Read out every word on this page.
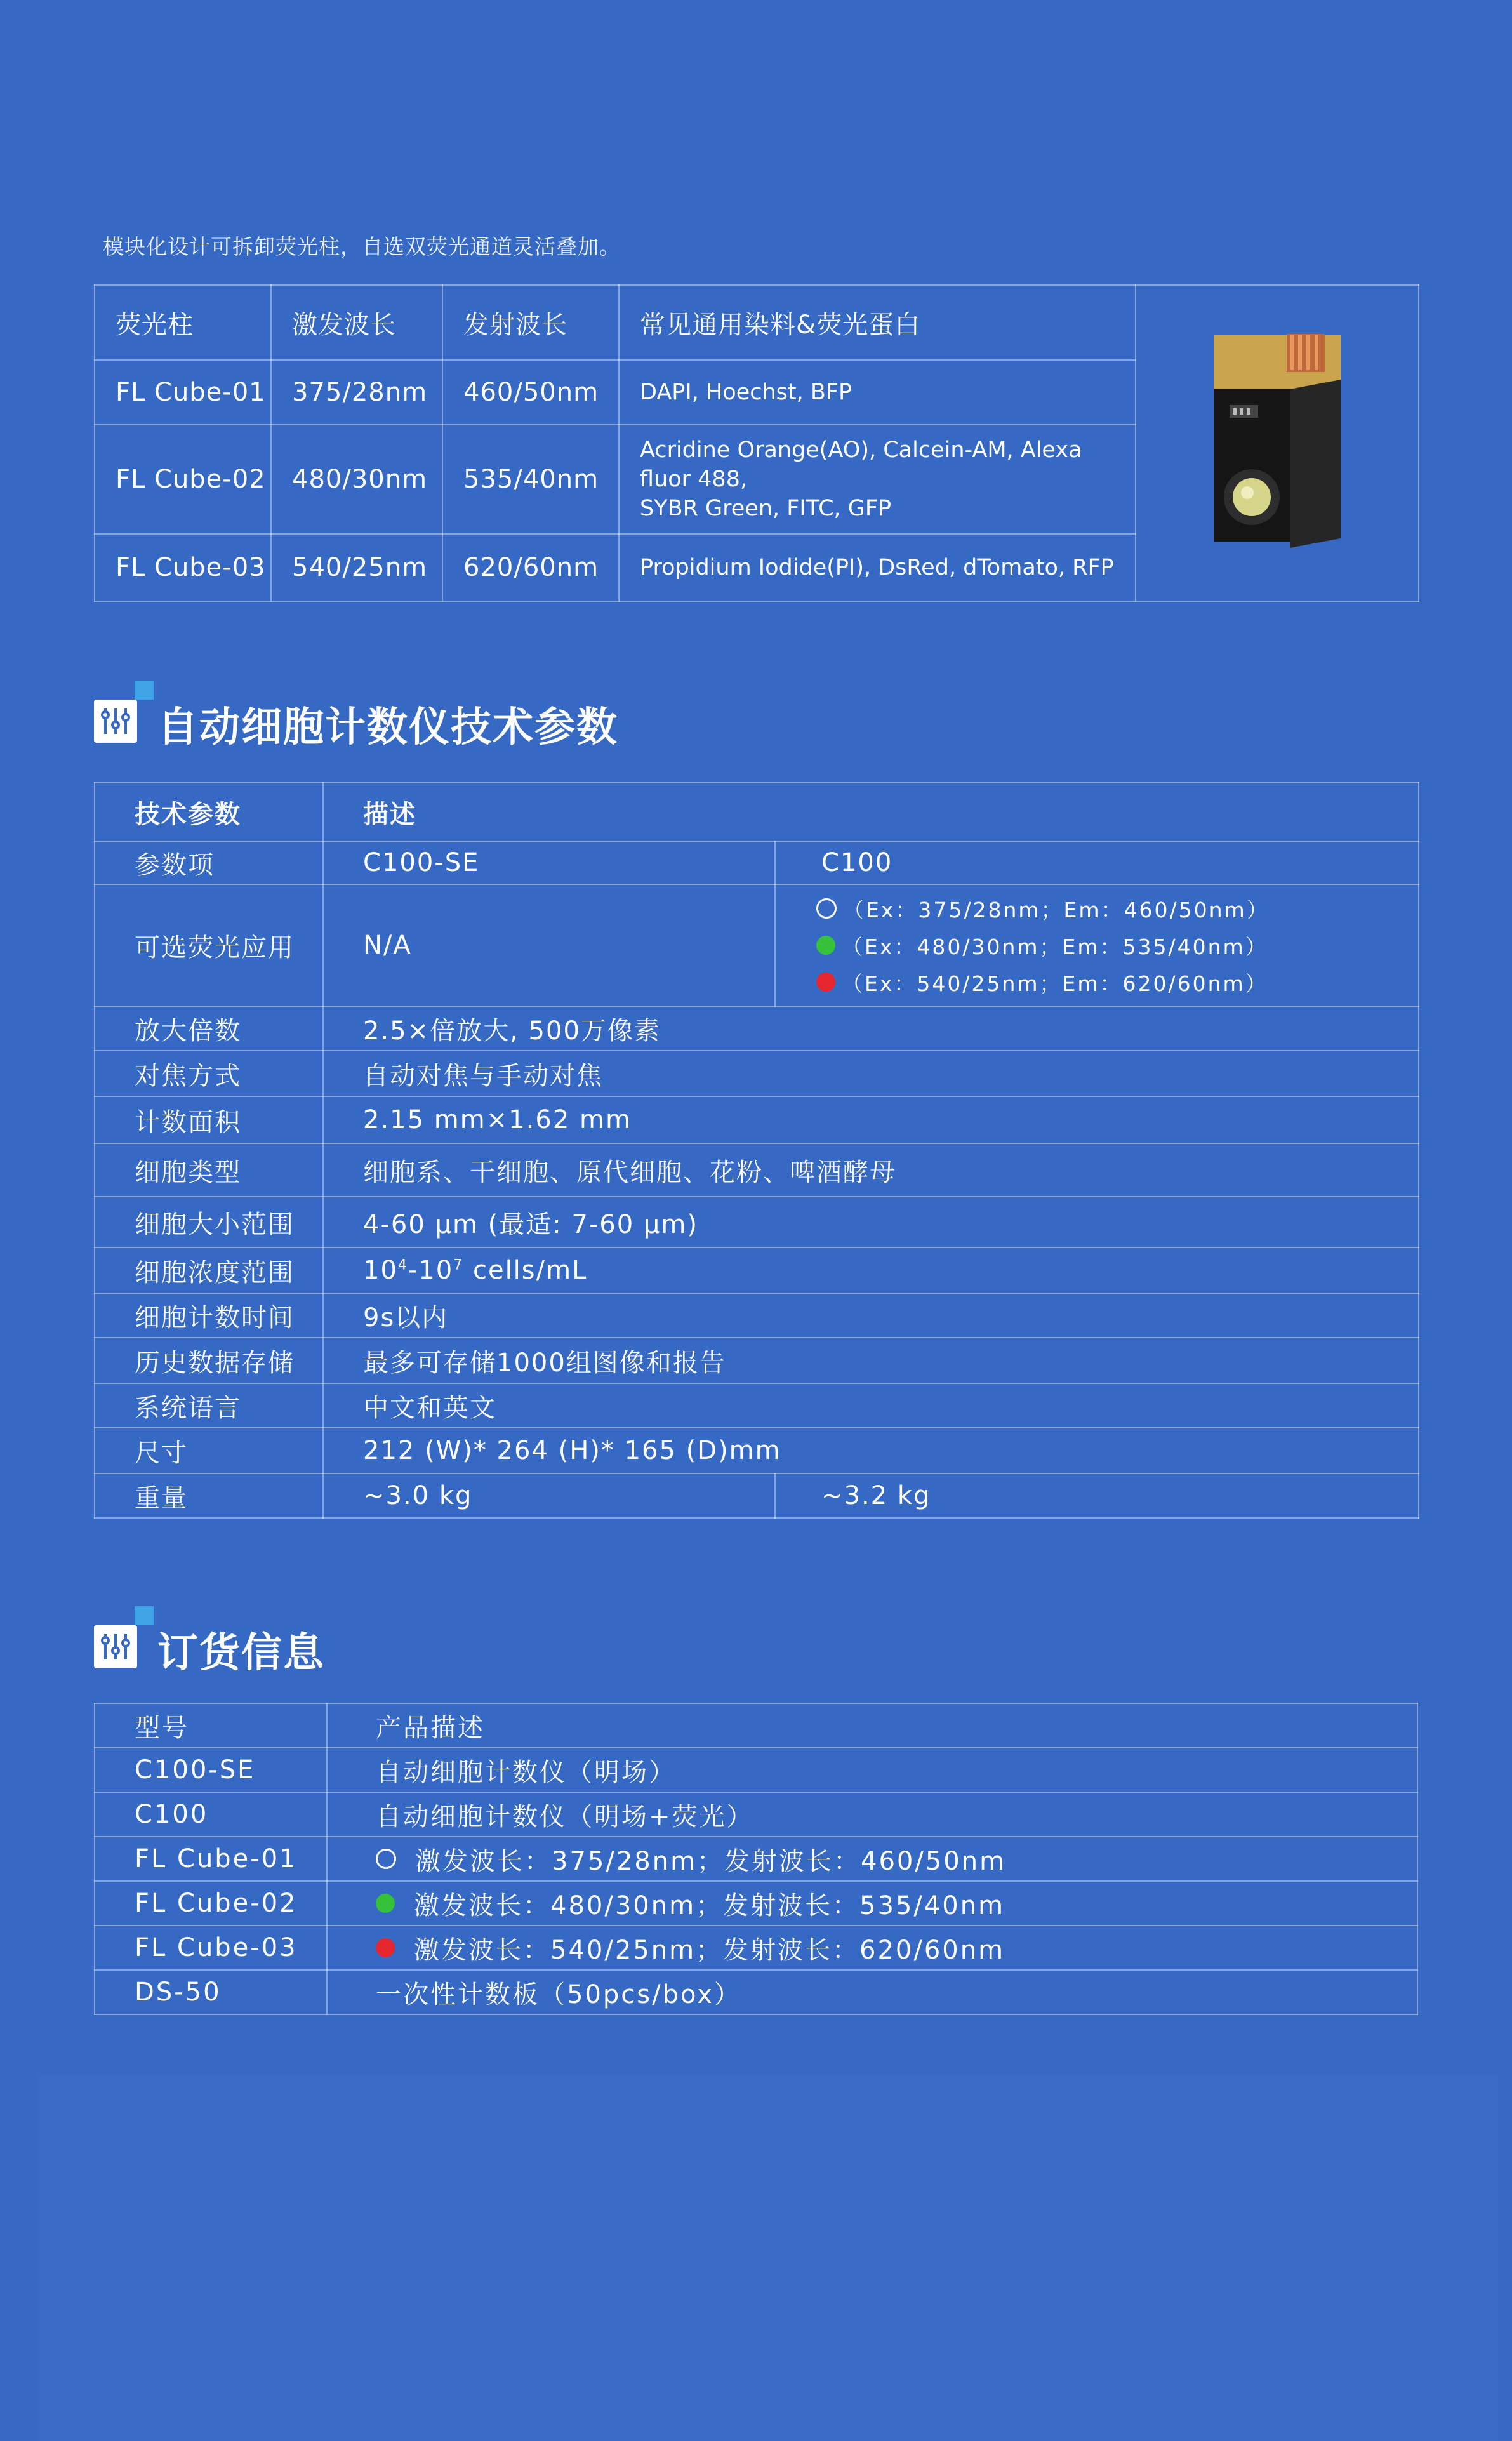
模块化设计可拆卸荧光柱，自选双荧光通道灵活叠加。
荧光柱	激发波长	发射波长	常见通用染料&荧光蛋白	

FL Cube-01	375/28nm	460/50nm	DAPI, Hoechst, BFP	
FL Cube-02	480/30nm	535/40nm	Acridine Orange(AO), Calcein-AM, Alexa fluor 488,
SYBR Green, FITC, GFP	

FL Cube-03	540/25nm	620/60nm	Propidium Iodide(PI), DsRed, dTomato, RFP	
自动细胞计数仪技术参数
技术参数	描述	
参数项	C100-SE	C100
可选荧光应用	N/A	（Ex：375/28nm；Em：460/50nm）
（Ex：480/30nm；Em：535/40nm）
（Ex：540/25nm；Em：620/60nm）

放大倍数	2.5×倍放大, 500万像素	
对焦方式	自动对焦与手动对焦	
计数面积	2.15 mm×1.62 mm	
细胞类型	细胞系、干细胞、原代细胞、花粉、啤酒酵母	
细胞大小范围	4-60 µm (最适: 7-60 µm)	
细胞浓度范围	$10^4-10^7$ cells/mL	
细胞计数时间	9s以内	
历史数据存储	最多可存储1000组图像和报告	
系统语言	中文和英文	
尺寸	212 (W)* 264 (H)* 165 (D)mm	
重量	~3.0 kg	~3.2 kg
订货信息
型号	产品描述
C100-SE	自动细胞计数仪（明场）
C100	自动细胞计数仪（明场+荧光）
FL Cube-01	激发波长：375/28nm；发射波长：460/50nm

FL Cube-02	激发波长：480/30nm；发射波长：535/40nm

FL Cube-03	激发波长：540/25nm；发射波长：620/60nm

DS-50	一次性计数板（50pcs/box）
